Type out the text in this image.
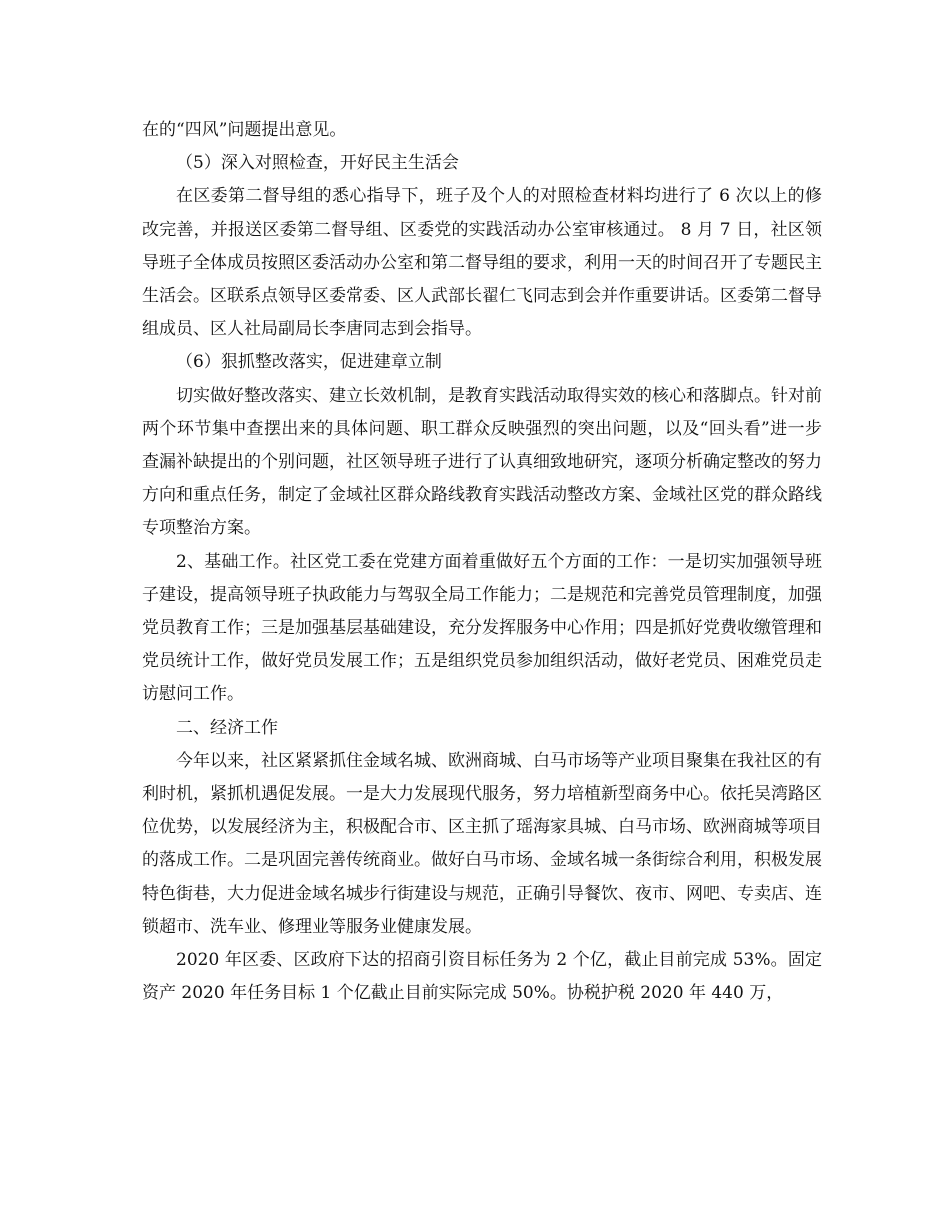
在的“四风”问题提出意见。

（5）深入对照检查，开好民主生活会

在区委第二督导组的悉心指导下，班子及个人的对照检查材料均进行了 6 次以上的修改完善，并报送区委第二督导组、区委党的实践活动办公室审核通过。 8 月 7 日，社区领导班子全体成员按照区委活动办公室和第二督导组的要求，利用一天的时间召开了专题民主生活会。区联系点领导区委常委、区人武部长翟仁飞同志到会并作重要讲话。区委第二督导组成员、区人社局副局长李唐同志到会指导。

（6）狠抓整改落实，促进建章立制

切实做好整改落实、建立长效机制，是教育实践活动取得实效的核心和落脚点。针对前两个环节集中查摆出来的具体问题、职工群众反映强烈的突出问题，以及“回头看”进一步查漏补缺提出的个别问题，社区领导班子进行了认真细致地研究，逐项分析确定整改的努力方向和重点任务，制定了金域社区群众路线教育实践活动整改方案、金域社区党的群众路线专项整治方案。

2、基础工作。社区党工委在党建方面着重做好五个方面的工作：一是切实加强领导班子建设，提高领导班子执政能力与驾驭全局工作能力；二是规范和完善党员管理制度，加强党员教育工作；三是加强基层基础建设，充分发挥服务中心作用；四是抓好党费收缴管理和党员统计工作，做好党员发展工作；五是组织党员参加组织活动，做好老党员、困难党员走访慰问工作。

二、经济工作

今年以来，社区紧紧抓住金域名城、欧洲商城、白马市场等产业项目聚集在我社区的有利时机，紧抓机遇促发展。一是大力发展现代服务，努力培植新型商务中心。依托吴湾路区位优势，以发展经济为主，积极配合市、区主抓了瑶海家具城、白马市场、欧洲商城等项目的落成工作。二是巩固完善传统商业。做好白马市场、金域名城一条街综合利用，积极发展特色街巷，大力促进金域名城步行街建设与规范，正确引导餐饮、夜市、网吧、专卖店、连锁超市、洗车业、修理业等服务业健康发展。

2020 年区委、区政府下达的招商引资目标任务为 2 个亿，截止目前完成 53%。固定资产 2020 年任务目标 1 个亿截止目前实际完成 50%。协税护税 2020 年 440 万，
